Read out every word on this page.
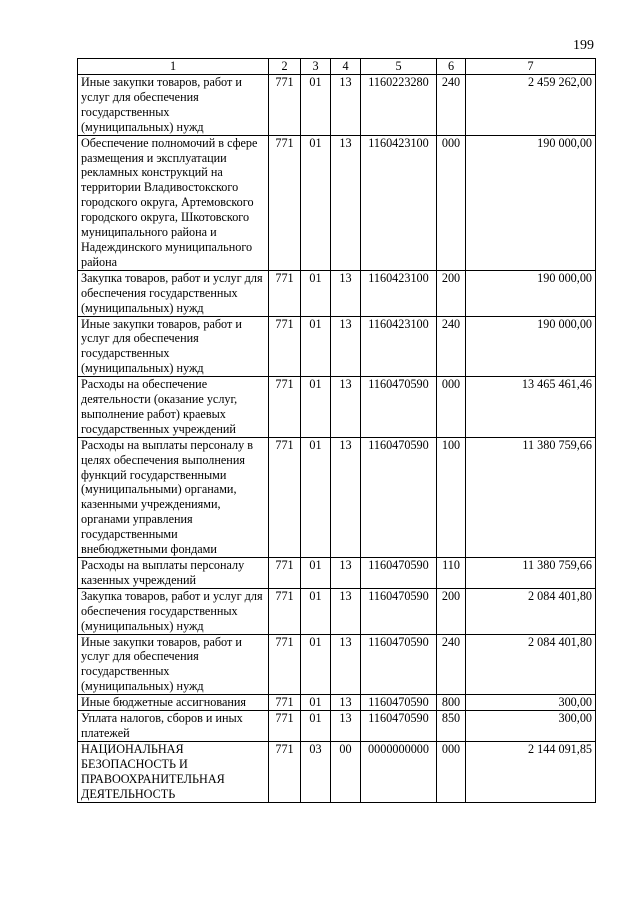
199
1	2	3	4	5	6	7
Иные закупки товаров, работ и услуг для обеспечения государственных (муниципальных) нужд	771	01	13	1160223280	240	2 459 262,00
Обеспечение полномочий в сфере размещения и эксплуатации рекламных конструкций на территории Владивостокского городского округа, Артемовского городского округа, Шкотовского муниципального района и Надеждинского муниципального района	771	01	13	1160423100	000	190 000,00
Закупка товаров, работ и услуг для обеспечения государственных (муниципальных) нужд	771	01	13	1160423100	200	190 000,00
Иные закупки товаров, работ и услуг для обеспечения государственных (муниципальных) нужд	771	01	13	1160423100	240	190 000,00
Расходы на обеспечение деятельности (оказание услуг, выполнение работ) краевых государственных учреждений	771	01	13	1160470590	000	13 465 461,46
Расходы на выплаты персоналу в целях обеспечения выполнения функций государственными (муниципальными) органами, казенными учреждениями, органами управления государственными внебюджетными фондами	771	01	13	1160470590	100	11 380 759,66
Расходы на выплаты персоналу казенных учреждений	771	01	13	1160470590	110	11 380 759,66
Закупка товаров, работ и услуг для обеспечения государственных (муниципальных) нужд	771	01	13	1160470590	200	2 084 401,80
Иные закупки товаров, работ и услуг для обеспечения государственных (муниципальных) нужд	771	01	13	1160470590	240	2 084 401,80
Иные бюджетные ассигнования	771	01	13	1160470590	800	300,00
Уплата налогов, сборов и иных платежей	771	01	13	1160470590	850	300,00
НАЦИОНАЛЬНАЯ БЕЗОПАСНОСТЬ И ПРАВООХРАНИТЕЛЬНАЯ ДЕЯТЕЛЬНОСТЬ	771	03	00	0000000000	000	2 144 091,85
